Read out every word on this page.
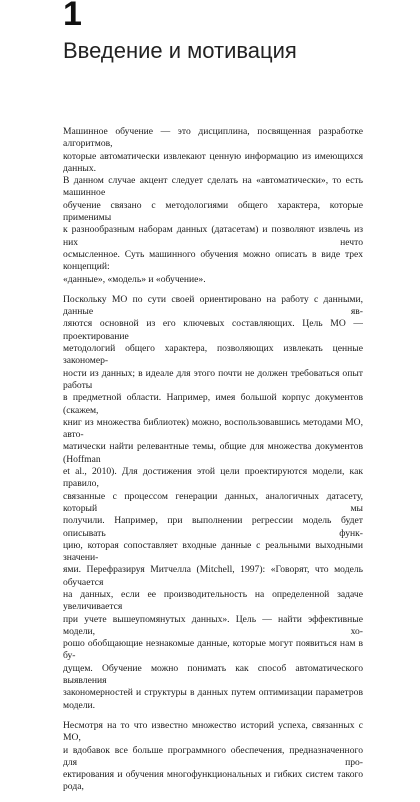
1
Введение и мотивация
Машинное обучение — это дисциплина, посвященная разработке алгоритмов,
которые автоматически извлекают ценную информацию из имеющихся данных.
В данном случае акцент следует сделать на «автоматически», то есть машинное
обучение связано с методологиями общего характера, которые применимы
к разнообразным наборам данных (датасетам) и позволяют извлечь из них нечто
осмысленное. Суть машинного обучения можно описать в виде трех концепций:
«данные», «модель» и «обучение».
Поскольку МО по сути своей ориентировано на работу с данными, данные яв-
ляются основной из его ключевых составляющих. Цель МО — проектирование
методологий общего характера, позволяющих извлекать ценные закономер-
ности из данных; в идеале для этого почти не должен требоваться опыт работы
в предметной области. Например, имея большой корпус документов (скажем,
книг из множества библиотек) можно, воспользовавшись методами МО, авто-
матически найти релевантные темы, общие для множества документов (Hoffman
et al., 2010). Для достижения этой цели проектируются модели, как правило,
связанные с процессом генерации данных, аналогичных датасету, который мы
получили. Например, при выполнении регрессии модель будет описывать функ-
цию, которая сопоставляет входные данные с реальными выходными значени-
ями. Перефразируя Митчелла (Mitchell, 1997): «Говорят, что модель обучается
на данных, если ее производительность на определенной задаче увеличивается
при учете вышеупомянутых данных». Цель — найти эффективные модели, хо-
рошо обобщающие незнакомые данные, которые могут появиться нам в бу-
дущем. Обучение можно понимать как способ автоматического выявления
закономерностей и структуры в данных путем оптимизации параметров модели.
Несмотря на то что известно множество историй успеха, связанных с МО,
и вдобавок все больше программного обеспечения, предназначенного для про-
ектирования и обучения многофункциональных и гибких систем такого рода,
